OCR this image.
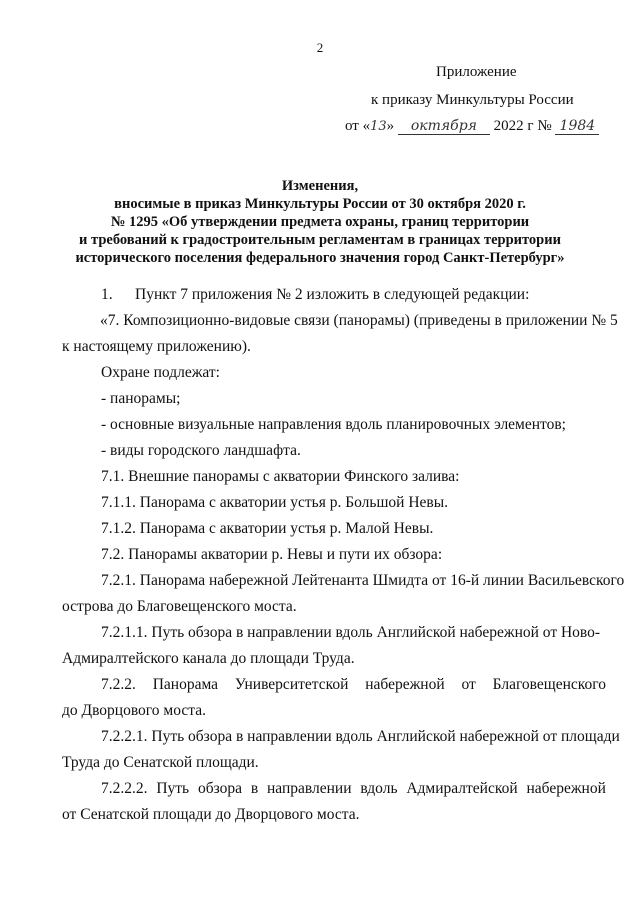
2
Приложение
к приказу Минкультуры России
от «13» октября 2022 г № 1984
Изменения,
вносимые в приказ Минкультуры России от 30 октября 2020 г.
№ 1295 «Об утверждении предмета охраны, границ территории
и требований к градостроительным регламентам в границах территории
исторического поселения федерального значения город Санкт-Петербург»
1. Пункт 7 приложения № 2 изложить в следующей редакции:
«7. Композиционно-видовые связи (панорамы) (приведены в приложении № 5
к настоящему приложению).
Охране подлежат:
- панорамы;
- основные визуальные направления вдоль планировочных элементов;
- виды городского ландшафта.
7.1. Внешние панорамы с акватории Финского залива:
7.1.1. Панорама с акватории устья р. Большой Невы.
7.1.2. Панорама с акватории устья р. Малой Невы.
7.2. Панорамы акватории р. Невы и пути их обзора:
7.2.1. Панорама набережной Лейтенанта Шмидта от 16-й линии Васильевского
острова до Благовещенского моста.
7.2.1.1. Путь обзора в направлении вдоль Английской набережной от Ново-
Адмиралтейского канала до площади Труда.
7.2.2. Панорама Университетской набережной от Благовещенского
до Дворцового моста.
7.2.2.1. Путь обзора в направлении вдоль Английской набережной от площади
Труда до Сенатской площади.
7.2.2.2. Путь обзора в направлении вдоль Адмиралтейской набережной
от Сенатской площади до Дворцового моста.
